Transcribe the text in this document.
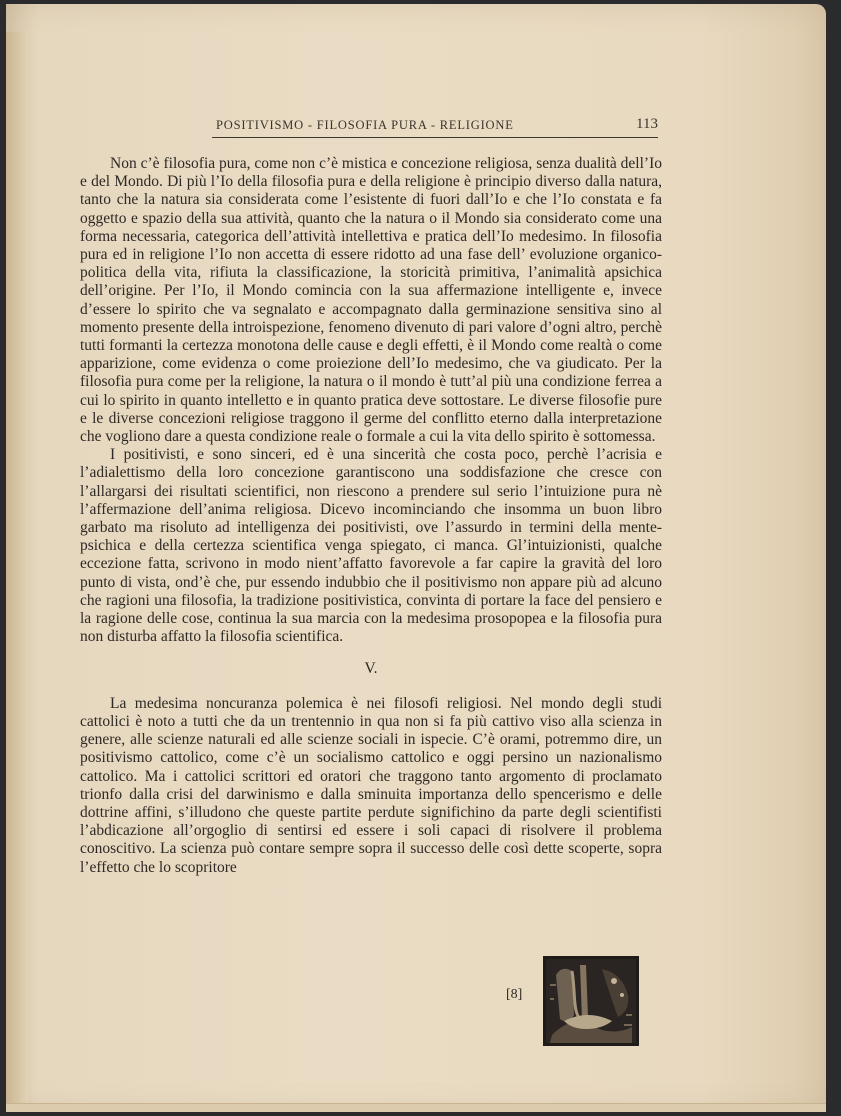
POSITIVISMO - FILOSOFIA PURA - RELIGIONE	113

Non c’è filosofia pura, come non c’è mistica e concezione religiosa, senza dualità dell’Io e del Mondo. Di più l’Io della filosofia pura e della religione è principio diverso dalla natura, tanto che la natura sia considerata come l’esistente di fuori dall’Io e che l’Io constata e fa oggetto e spazio della sua attività, quanto che la natura o il Mondo sia considerato come una forma necessaria, categorica dell’attività intellettiva e pratica dell’Io medesimo. In filosofia pura ed in religione l’Io non accetta di essere ridotto ad una fase dell’ evoluzione organico-politica della vita, rifiuta la classificazione, la storicità primitiva, l’animalità apsichica dell’origine. Per l’Io, il Mondo comincia con la sua affermazione intelligente e, invece d’essere lo spirito che va segnalato e accompagnato dalla germinazione sensitiva sino al momento presente della introispezione, fenomeno divenuto di pari valore d’ogni altro, perchè tutti formanti la certezza monotona delle cause e degli effetti, è il Mondo come realtà o come apparizione, come evidenza o come proiezione dell’Io medesimo, che va giudicato. Per la filosofia pura come per la religione, la natura o il mondo è tutt’al più una condizione ferrea a cui lo spirito in quanto intelletto e in quanto pratica deve sottostare. Le diverse filosofie pure e le diverse concezioni religiose traggono il germe del conflitto eterno dalla interpretazione che vogliono dare a questa condizione reale o formale a cui la vita dello spirito è sottomessa.

I positivisti, e sono sinceri, ed è una sincerità che costa poco, perchè l’acrisia e l’adialettismo della loro concezione garantiscono una soddisfazione che cresce con l’allargarsi dei risultati scientifici, non riescono a prendere sul serio l’intuizione pura nè l’affermazione dell’anima religiosa. Dicevo incominciando che insomma un buon libro garbato ma risoluto ad intelligenza dei positivisti, ove l’assurdo in termini della mente-psichica e della certezza scientifica venga spiegato, ci manca. Gl’intuizionisti, qualche eccezione fatta, scrivono in modo nient’affatto favorevole a far capire la gravità del loro punto di vista, ond’è che, pur essendo indubbio che il positivismo non appare più ad alcuno che ragioni una filosofia, la tradizione positivistica, convinta di portare la face del pensiero e la ragione delle cose, continua la sua marcia con la medesima prosopopea e la filosofia pura non disturba affatto la filosofia scientifica.

V.

La medesima noncuranza polemica è nei filosofi religiosi. Nel mondo degli studi cattolici è noto a tutti che da un trentennio in qua non si fa più cattivo viso alla scienza in genere, alle scienze naturali ed alle scienze sociali in ispecie. C’è orami, potremmo dire, un positivismo cattolico, come c’è un socialismo cattolico e oggi persino un nazionalismo cattolico. Ma i cattolici scrittori ed oratori che traggono tanto argomento di proclamato trionfo dalla crisi del darwinismo e dalla sminuita importanza dello spencerismo e delle dottrine affini, s’illudono che queste partite perdute significhino da parte degli scientifisti l’abdicazione all’orgoglio di sentirsi ed essere i soli capaci di risolvere il problema conoscitivo. La scienza può contare sempre sopra il successo delle così dette scoperte, sopra l’effetto che lo scopritore

[8]
